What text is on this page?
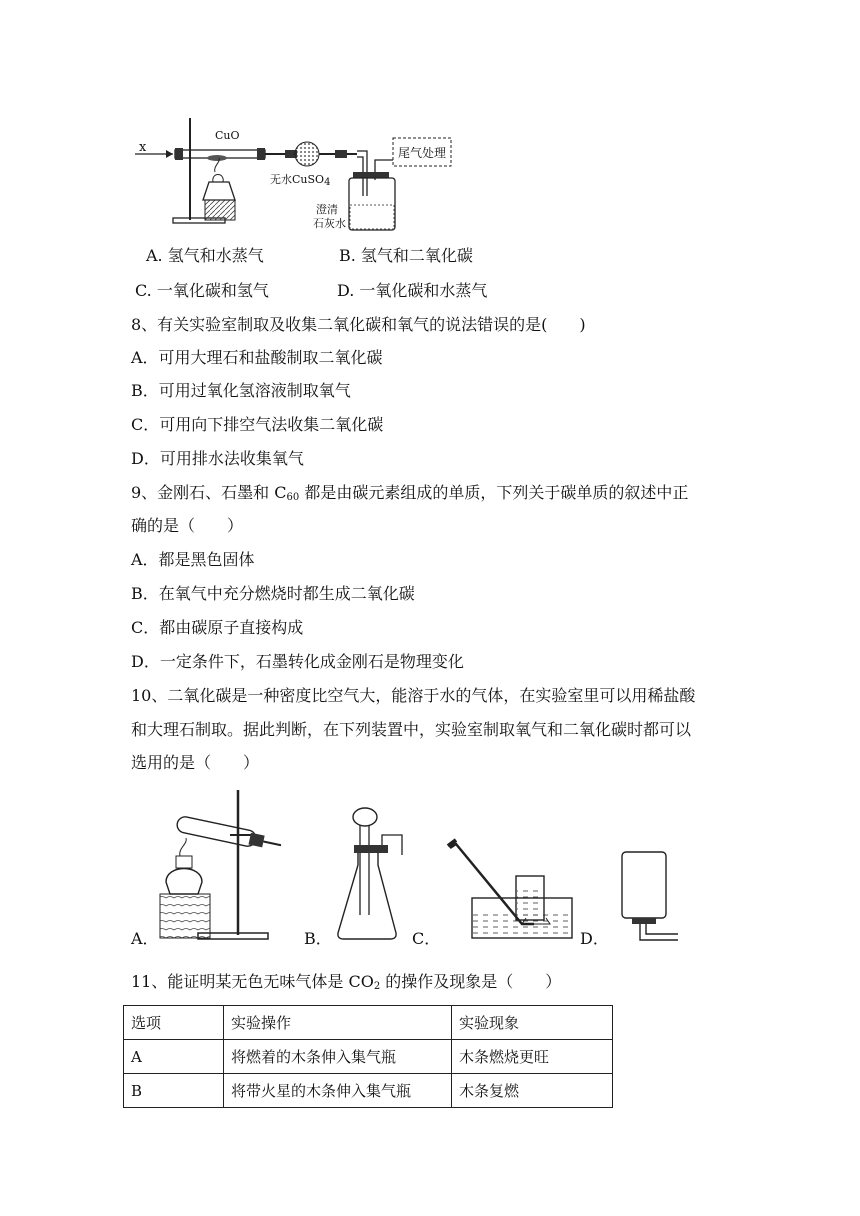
x
CuO
无水CuSO$_4$
尾气处理
澄清
石灰水
A. 氢气和水蒸气	B. 氢气和二氧化碳
C. 一氧化碳和氢气	D. 一氧化碳和水蒸气
8、有关实验室制取及收集二氧化碳和氧气的说法错误的是(　　)
A．可用大理石和盐酸制取二氧化碳
B．可用过氧化氢溶液制取氧气
C．可用向下排空气法收集二氧化碳
D．可用排水法收集氧气
9、金刚石、石墨和 $C_{60}$ 都是由碳元素组成的单质，下列关于碳单质的叙述中正
确的是（　　）
A．都是黑色固体
B．在氧气中充分燃烧时都生成二氧化碳
C．都由碳原子直接构成
D．一定条件下，石墨转化成金刚石是物理变化
10、二氧化碳是一种密度比空气大，能溶于水的气体，在实验室里可以用稀盐酸
和大理石制取。据此判断，在下列装置中，实验室制取氧气和二氧化碳时都可以
选用的是（　　）
A．	B．	C．	D．
11、能证明某无色无味气体是 $CO_2$ 的操作及现象是（　　）
选项	实验操作	实验现象
A	将燃着的木条伸入集气瓶	木条燃烧更旺
B	将带火星的木条伸入集气瓶	木条复燃
